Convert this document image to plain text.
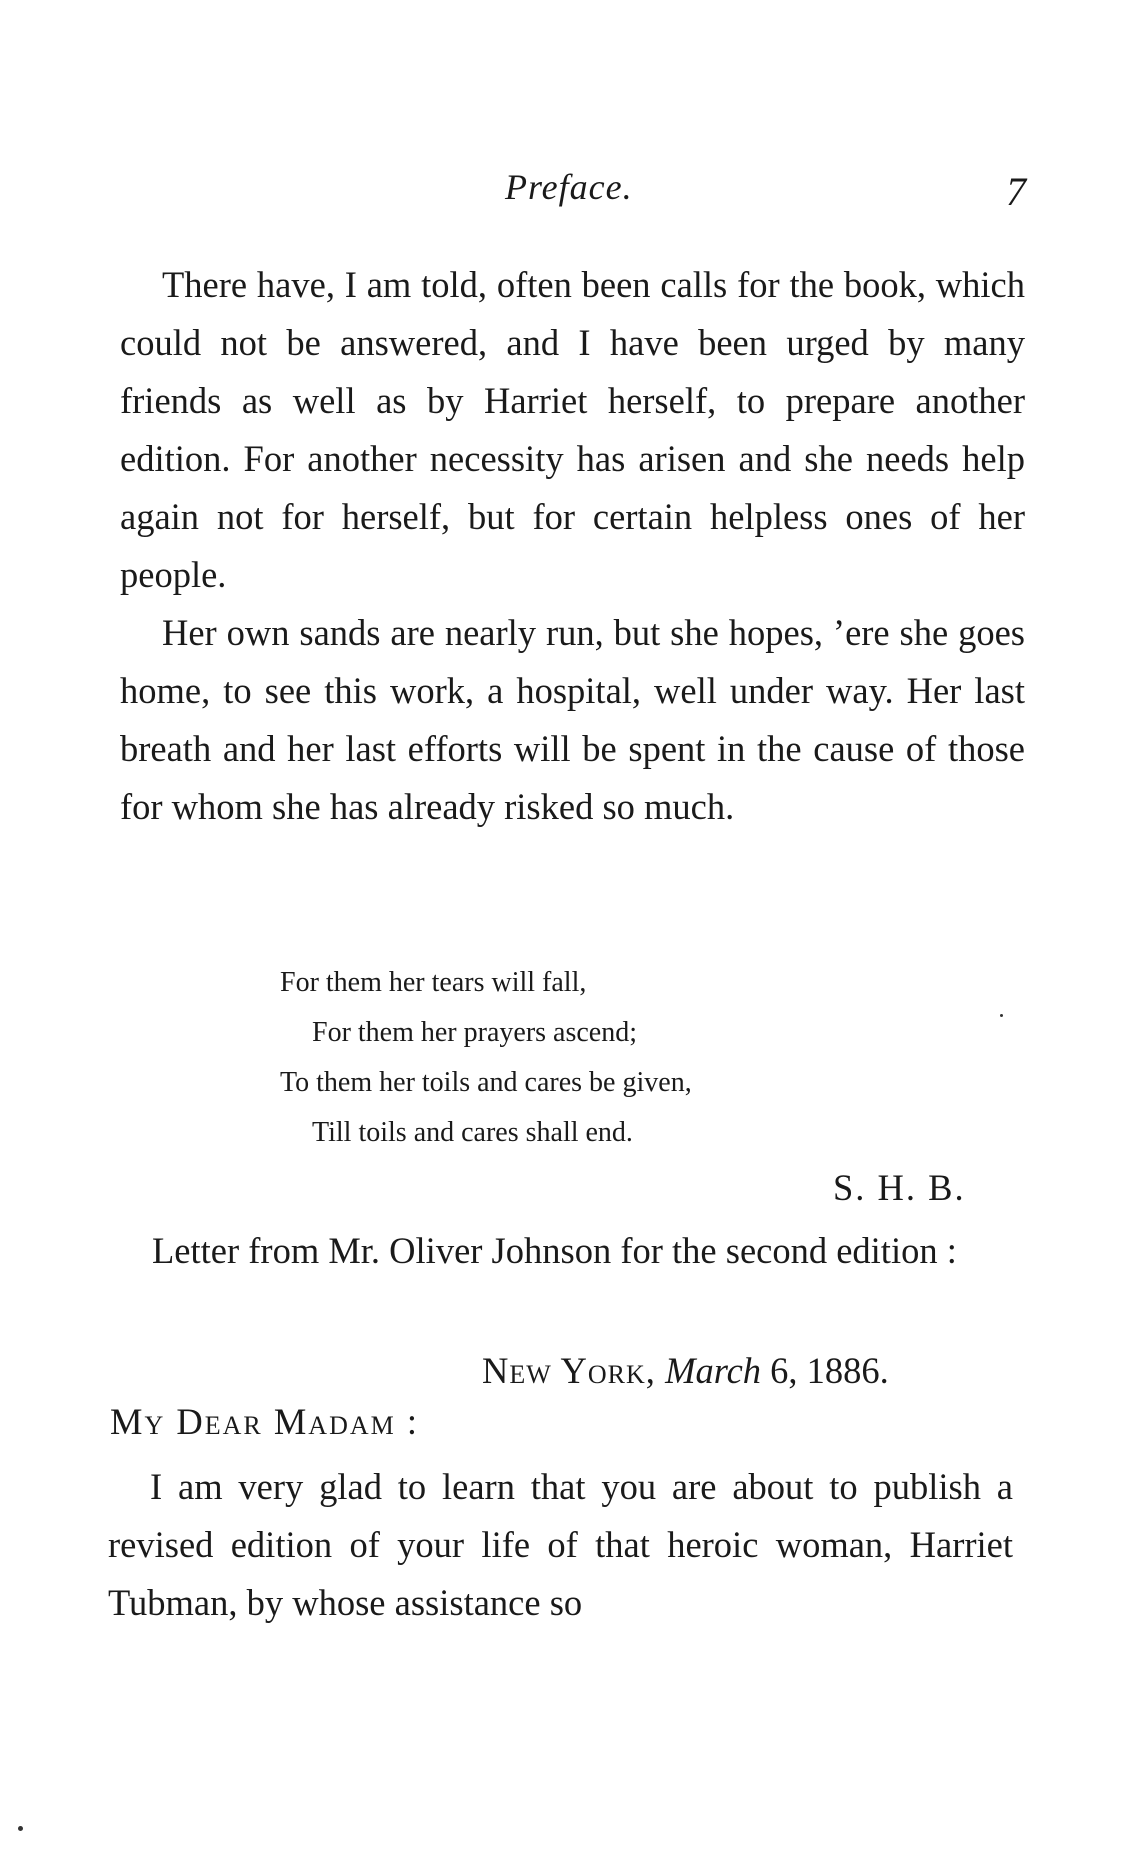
Preface.	7

There have, I am told, often been calls for the book, which could not be answered, and I have been urged by many friends as well as by Harriet herself, to prepare another edition. For another necessity has arisen and she needs help again not for herself, but for certain helpless ones of her people.

Her own sands are nearly run, but she hopes, ’ere she goes home, to see this work, a hospital, well under way. Her last breath and her last efforts will be spent in the cause of those for whom she has already risked so much.

For them her tears will fall,
For them her prayers ascend;
To them her toils and cares be given,
Till toils and cares shall end.
S. H. B.

Letter from Mr. Oliver Johnson for the second edition :

New York, March 6, 1886.
My Dear Madam :

I am very glad to learn that you are about to publish a revised edition of your life of that heroic woman, Harriet Tubman, by whose assistance so
